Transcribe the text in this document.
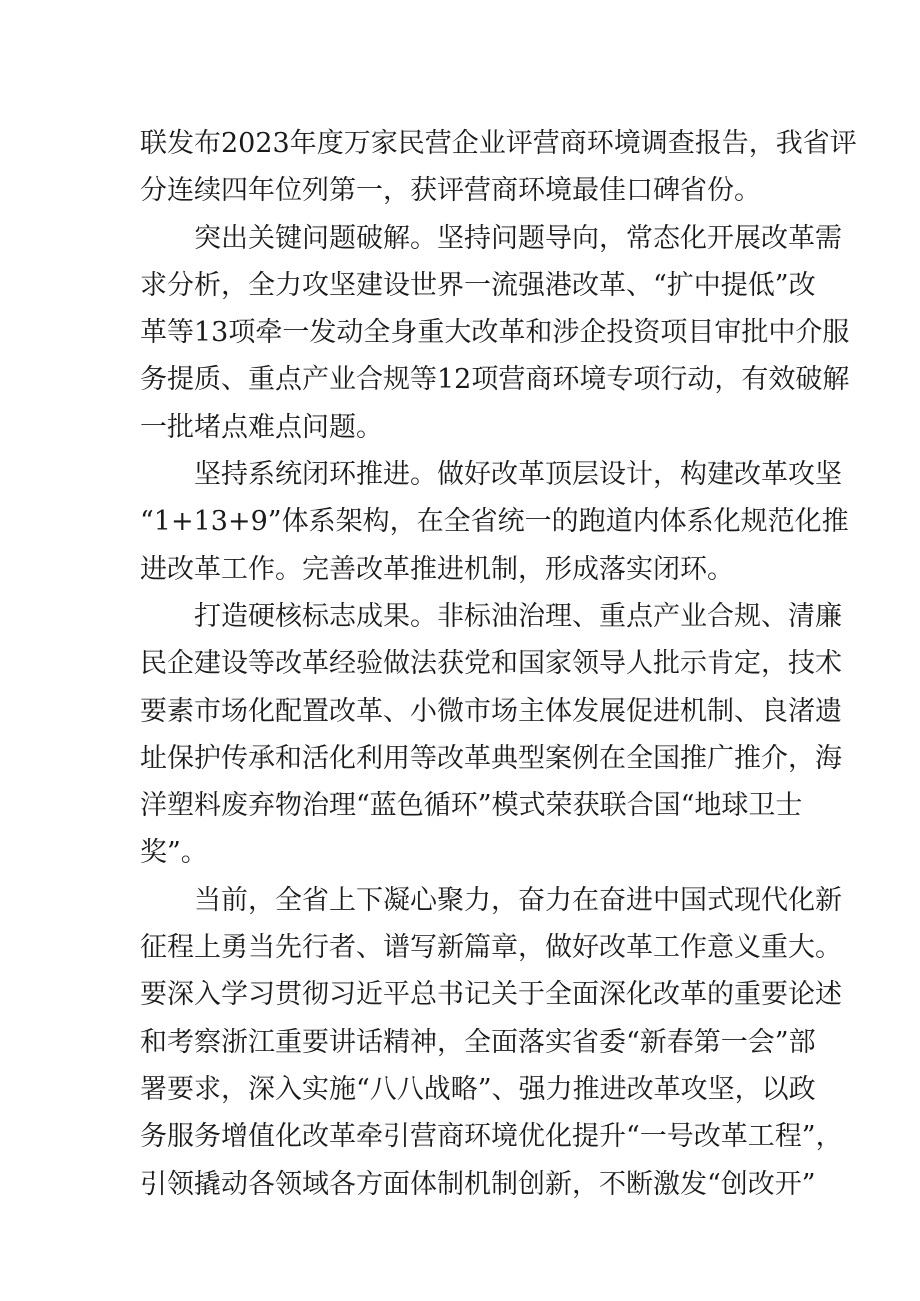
联发布2023年度万家民营企业评营商环境调查报告，我省评
分连续四年位列第一，获评营商环境最佳口碑省份。
突出关键问题破解。坚持问题导向，常态化开展改革需
求分析，全力攻坚建设世界一流强港改革、“扩中提低”改
革等13项牵一发动全身重大改革和涉企投资项目审批中介服
务提质、重点产业合规等12项营商环境专项行动，有效破解
一批堵点难点问题。
坚持系统闭环推进。做好改革顶层设计，构建改革攻坚
“1+13+9”体系架构，在全省统一的跑道内体系化规范化推
进改革工作。完善改革推进机制，形成落实闭环。
打造硬核标志成果。非标油治理、重点产业合规、清廉
民企建设等改革经验做法获党和国家领导人批示肯定，技术
要素市场化配置改革、小微市场主体发展促进机制、良渚遗
址保护传承和活化利用等改革典型案例在全国推广推介，海
洋塑料废弃物治理“蓝色循环”模式荣获联合国“地球卫士
奖”。
当前，全省上下凝心聚力，奋力在奋进中国式现代化新
征程上勇当先行者、谱写新篇章，做好改革工作意义重大。
要深入学习贯彻习近平总书记关于全面深化改革的重要论述
和考察浙江重要讲话精神，全面落实省委“新春第一会”部
署要求，深入实施“八八战略”、强力推进改革攻坚，以政
务服务增值化改革牵引营商环境优化提升“一号改革工程”，
引领撬动各领域各方面体制机制创新，不断激发“创改开”
